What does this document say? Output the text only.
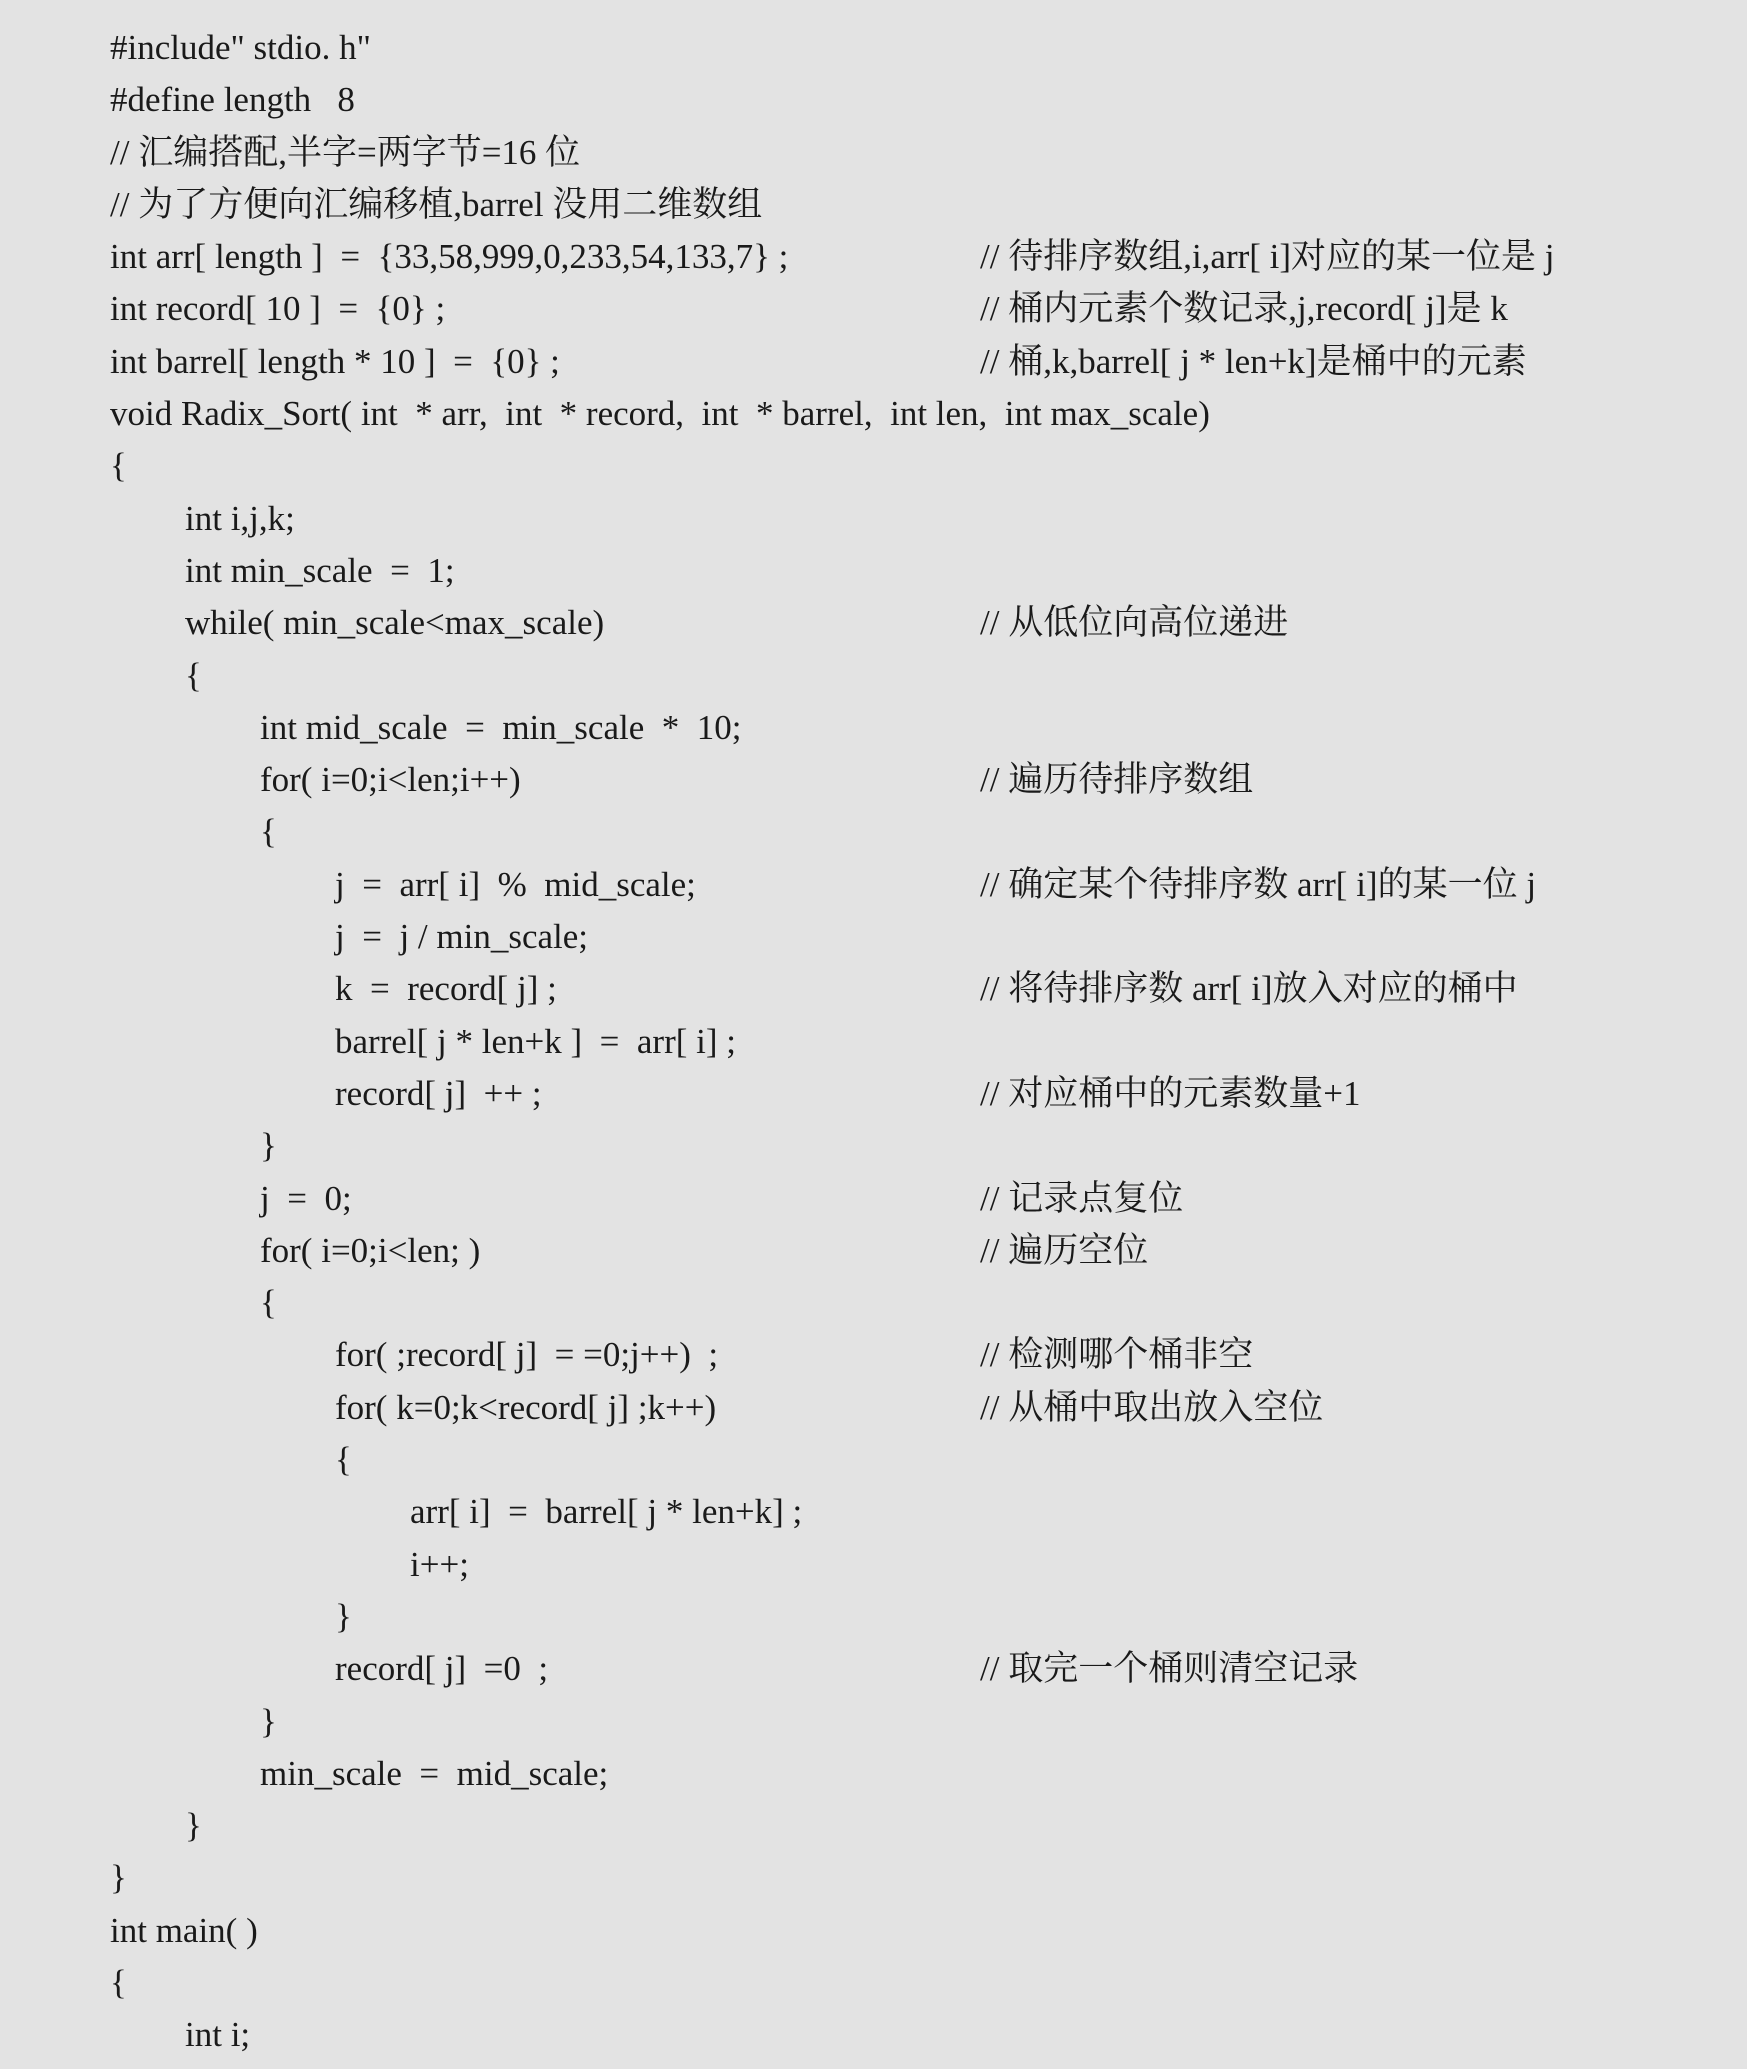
#include" stdio. h"
#define length   8
// 汇编搭配,半字=两字节=16 位
// 为了方便向汇编移植,barrel 没用二维数组
int arr[ length ]  =  {33,58,999,0,233,54,133,7} ;	// 待排序数组,i,arr[ i]对应的某一位是 j
int record[ 10 ]  =  {0} ;	// 桶内元素个数记录,j,record[ j]是 k
int barrel[ length * 10 ]  =  {0} ;	// 桶,k,barrel[ j * len+k]是桶中的元素
void Radix_Sort( int  * arr,  int  * record,  int  * barrel,  int len,  int max_scale)
{
int i,j,k;
int min_scale  =  1;
while( min_scale<max_scale)	// 从低位向高位递进
{
int mid_scale  =  min_scale  *  10;
for( i=0;i<len;i++)	// 遍历待排序数组
{
j  =  arr[ i]  %  mid_scale;	// 确定某个待排序数 arr[ i]的某一位 j
j  =  j / min_scale;
k  =  record[ j] ;	// 将待排序数 arr[ i]放入对应的桶中
barrel[ j * len+k ]  =  arr[ i] ;
record[ j]  ++ ;	// 对应桶中的元素数量+1
}
j  =  0;	// 记录点复位
for( i=0;i<len; )	// 遍历空位
{
for( ;record[ j]  = =0;j++)  ;	// 检测哪个桶非空
for( k=0;k<record[ j] ;k++)	// 从桶中取出放入空位
{
arr[ i]  =  barrel[ j * len+k] ;
i++;
}
record[ j]  =0  ;	// 取完一个桶则清空记录
}
min_scale  =  mid_scale;
}
}
int main( )
{
int i;
